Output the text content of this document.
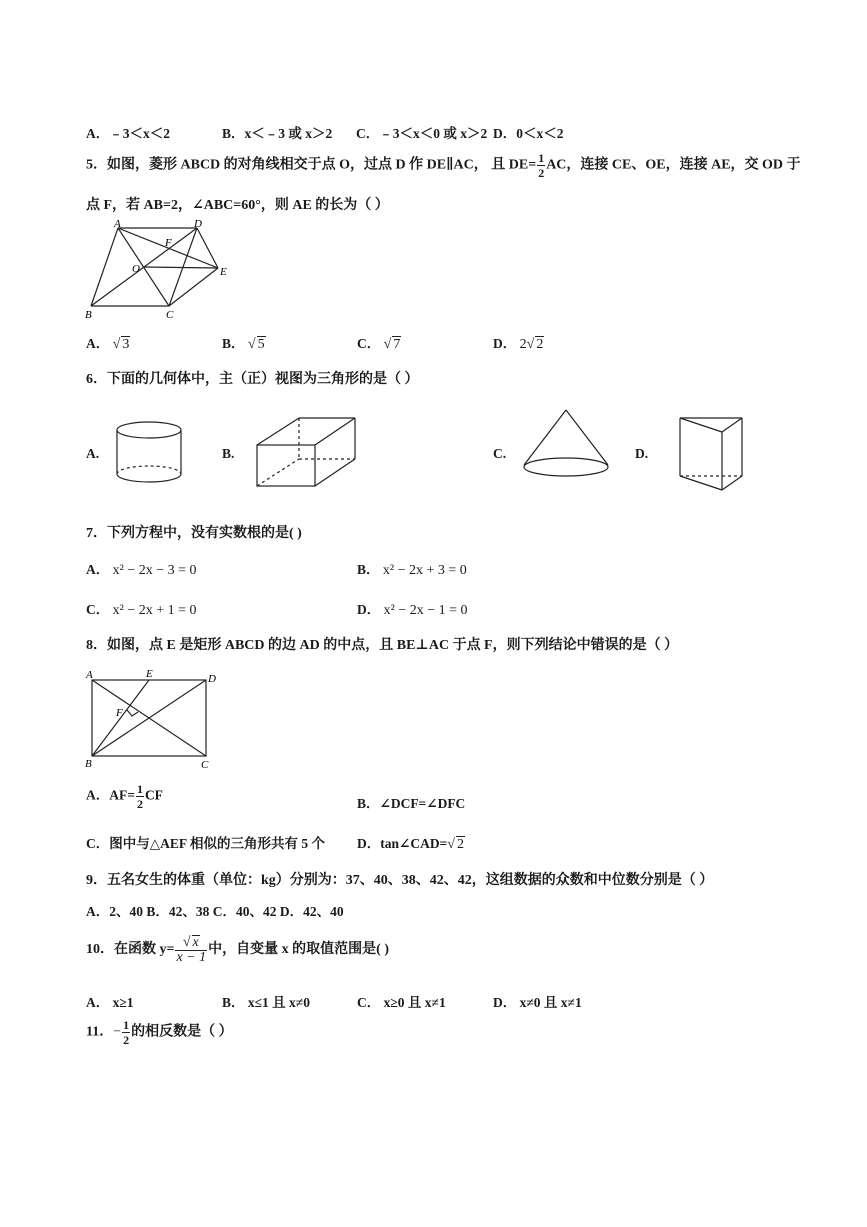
A．﹣3＜x＜2	B．x＜﹣3 或 x＞2 C．﹣3＜x＜0 或 x＞2 D．0＜x＜2
5．如图，菱形 ABCD 的对角线相交于点 O，过点 D 作 DE∥AC， 且 $DE= \frac{1}{2}$ AC，连接 CE、OE，连接 AE，交 OD 于
点 F，若 AB=2，∠ABC=60°，则 AE 的长为（ ）
A	D
F
O	E
B	C
A． √ 3	B． √ 5	C． √ 7	D． 2√ 2
6．下面的几何体中，主（正）视图为三角形的是（ ）
A.	B.	C.	D.
7．下列方程中，没有实数根的是( )
A． x² − 2x − 3 = 0	B． x² − 2x + 3 = 0
C． x² − 2x + 1 = 0	D． x² − 2x − 1 = 0
8．如图，点 E 是矩形 ABCD 的边 AD 的中点，且 BE⊥AC 于点 F，则下列结论中错误的是（ ）
A	E	D
F
B	C
A．$AF= \frac{1}{2}$ CF
B．∠DCF=∠DFC
C．图中与△AEF 相似的三角形共有 5 个 D．tan∠CAD=√ 2
9．五名女生的体重（单位：kg）分别为：37、40、38、42、42，这组数据的众数和中位数分别是（ ）
A．2、40 B．42、38 C．40、42 D．42、40
10．在函数 $y= \frac{√ x}{x - 1}$ 中，自变量 x 的取值范围是( )
A． x≥1	B． x≤1 且 x≠0	C． x≥0 且 x≠1	D． x≠0 且 x≠1
11．− $\frac{1}{2}$ 的相反数是（ ）
